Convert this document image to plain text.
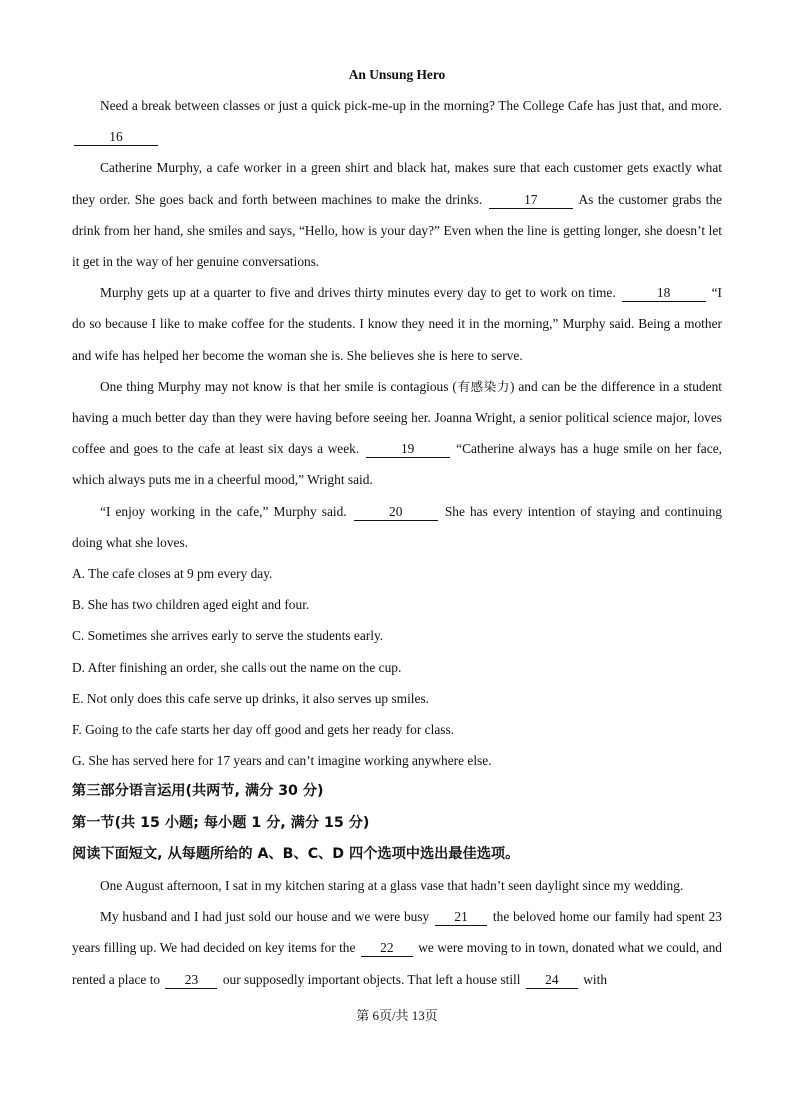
An Unsung Hero

Need a break between classes or just a quick pick-me-up in the morning? The College Cafe has just that, and more. 16

Catherine Murphy, a cafe worker in a green shirt and black hat, makes sure that each customer gets exactly what they order. She goes back and forth between machines to make the drinks.	17	As the customer grabs the drink from her hand, she smiles and says, “Hello, how is your day?” Even when the line is getting longer, she doesn’t let it get in the way of her genuine conversations.

Murphy gets up at a quarter to five and drives thirty minutes every day to get to work on time.	18	“I do so because I like to make coffee for the students. I know they need it in the morning,” Murphy said. Being a mother and wife has helped her become the woman she is. She believes she is here to serve.

One thing Murphy may not know is that her smile is contagious (有感染力) and can be the difference in a student having a much better day than they were having before seeing her. Joanna Wright, a senior political science major, loves coffee and goes to the cafe at least six days a week.	19	“Catherine always has a huge smile on her face, which always puts me in a cheerful mood,” Wright said.

“I enjoy working in the cafe,” Murphy said.	20	She has every intention of staying and continuing doing what she loves.

A. The cafe closes at 9 pm every day.

B. She has two children aged eight and four.

C. Sometimes she arrives early to serve the students early.

D. After finishing an order, she calls out the name on the cup.

E. Not only does this cafe serve up drinks, it also serves up smiles.

F. Going to the cafe starts her day off good and gets her ready for class.

G. She has served here for 17 years and can’t imagine working anywhere else.

第三部分语言运用(共两节, 满分 30 分)

第一节(共 15 小题; 每小题 1 分, 满分 15 分)

阅读下面短文, 从每题所给的 A、B、C、D 四个选项中选出最佳选项。

One August afternoon, I sat in my kitchen staring at a glass vase that hadn’t seen daylight since my wedding.

My husband and I had just sold our house and we were busy 21 the beloved home our family had spent 23 years filling up. We had decided on key items for the 22 we were moving to in town, donated what we could, and rented a place to 23 our supposedly important objects. That left a house still 24 with

第 6页/共 13页
